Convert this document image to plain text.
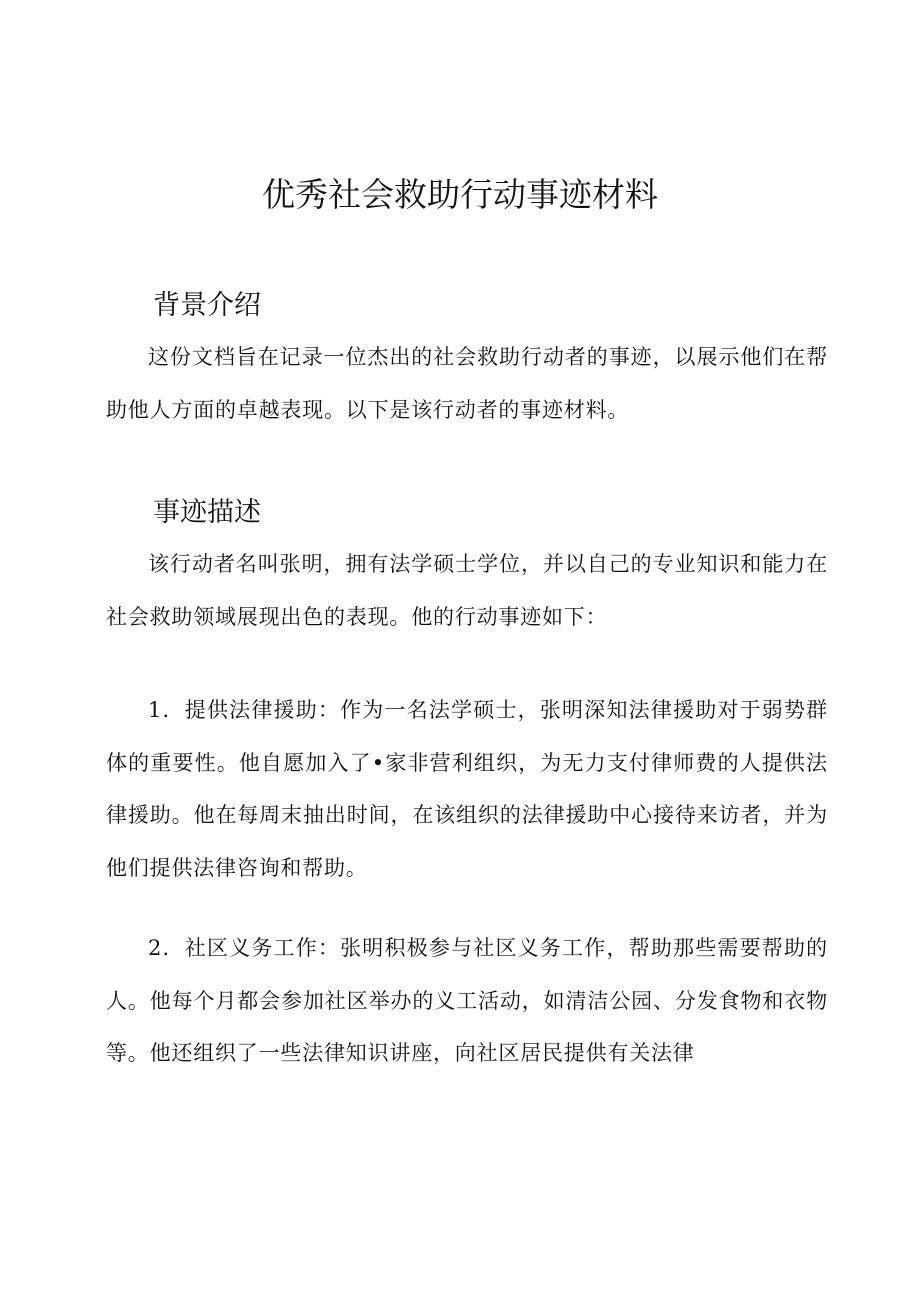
优秀社会救助行动事迹材料
背景介绍

这份文档旨在记录一位杰出的社会救助行动者的事迹，以展示他们在帮助他人方面的卓越表现。以下是该行动者的事迹材料。

事迹描述

该行动者名叫张明，拥有法学硕士学位，并以自己的专业知识和能力在社会救助领域展现出色的表现。他的行动事迹如下：

1．提供法律援助：作为一名法学硕士，张明深知法律援助对于弱势群体的重要性。他自愿加入了•家非营利组织，为无力支付律师费的人提供法律援助。他在每周末抽出时间，在该组织的法律援助中心接待来访者，并为他们提供法律咨询和帮助。

2．社区义务工作：张明积极参与社区义务工作，帮助那些需要帮助的人。他每个月都会参加社区举办的义工活动，如清洁公园、分发食物和衣物等。他还组织了一些法律知识讲座，向社区居民提供有关法律
